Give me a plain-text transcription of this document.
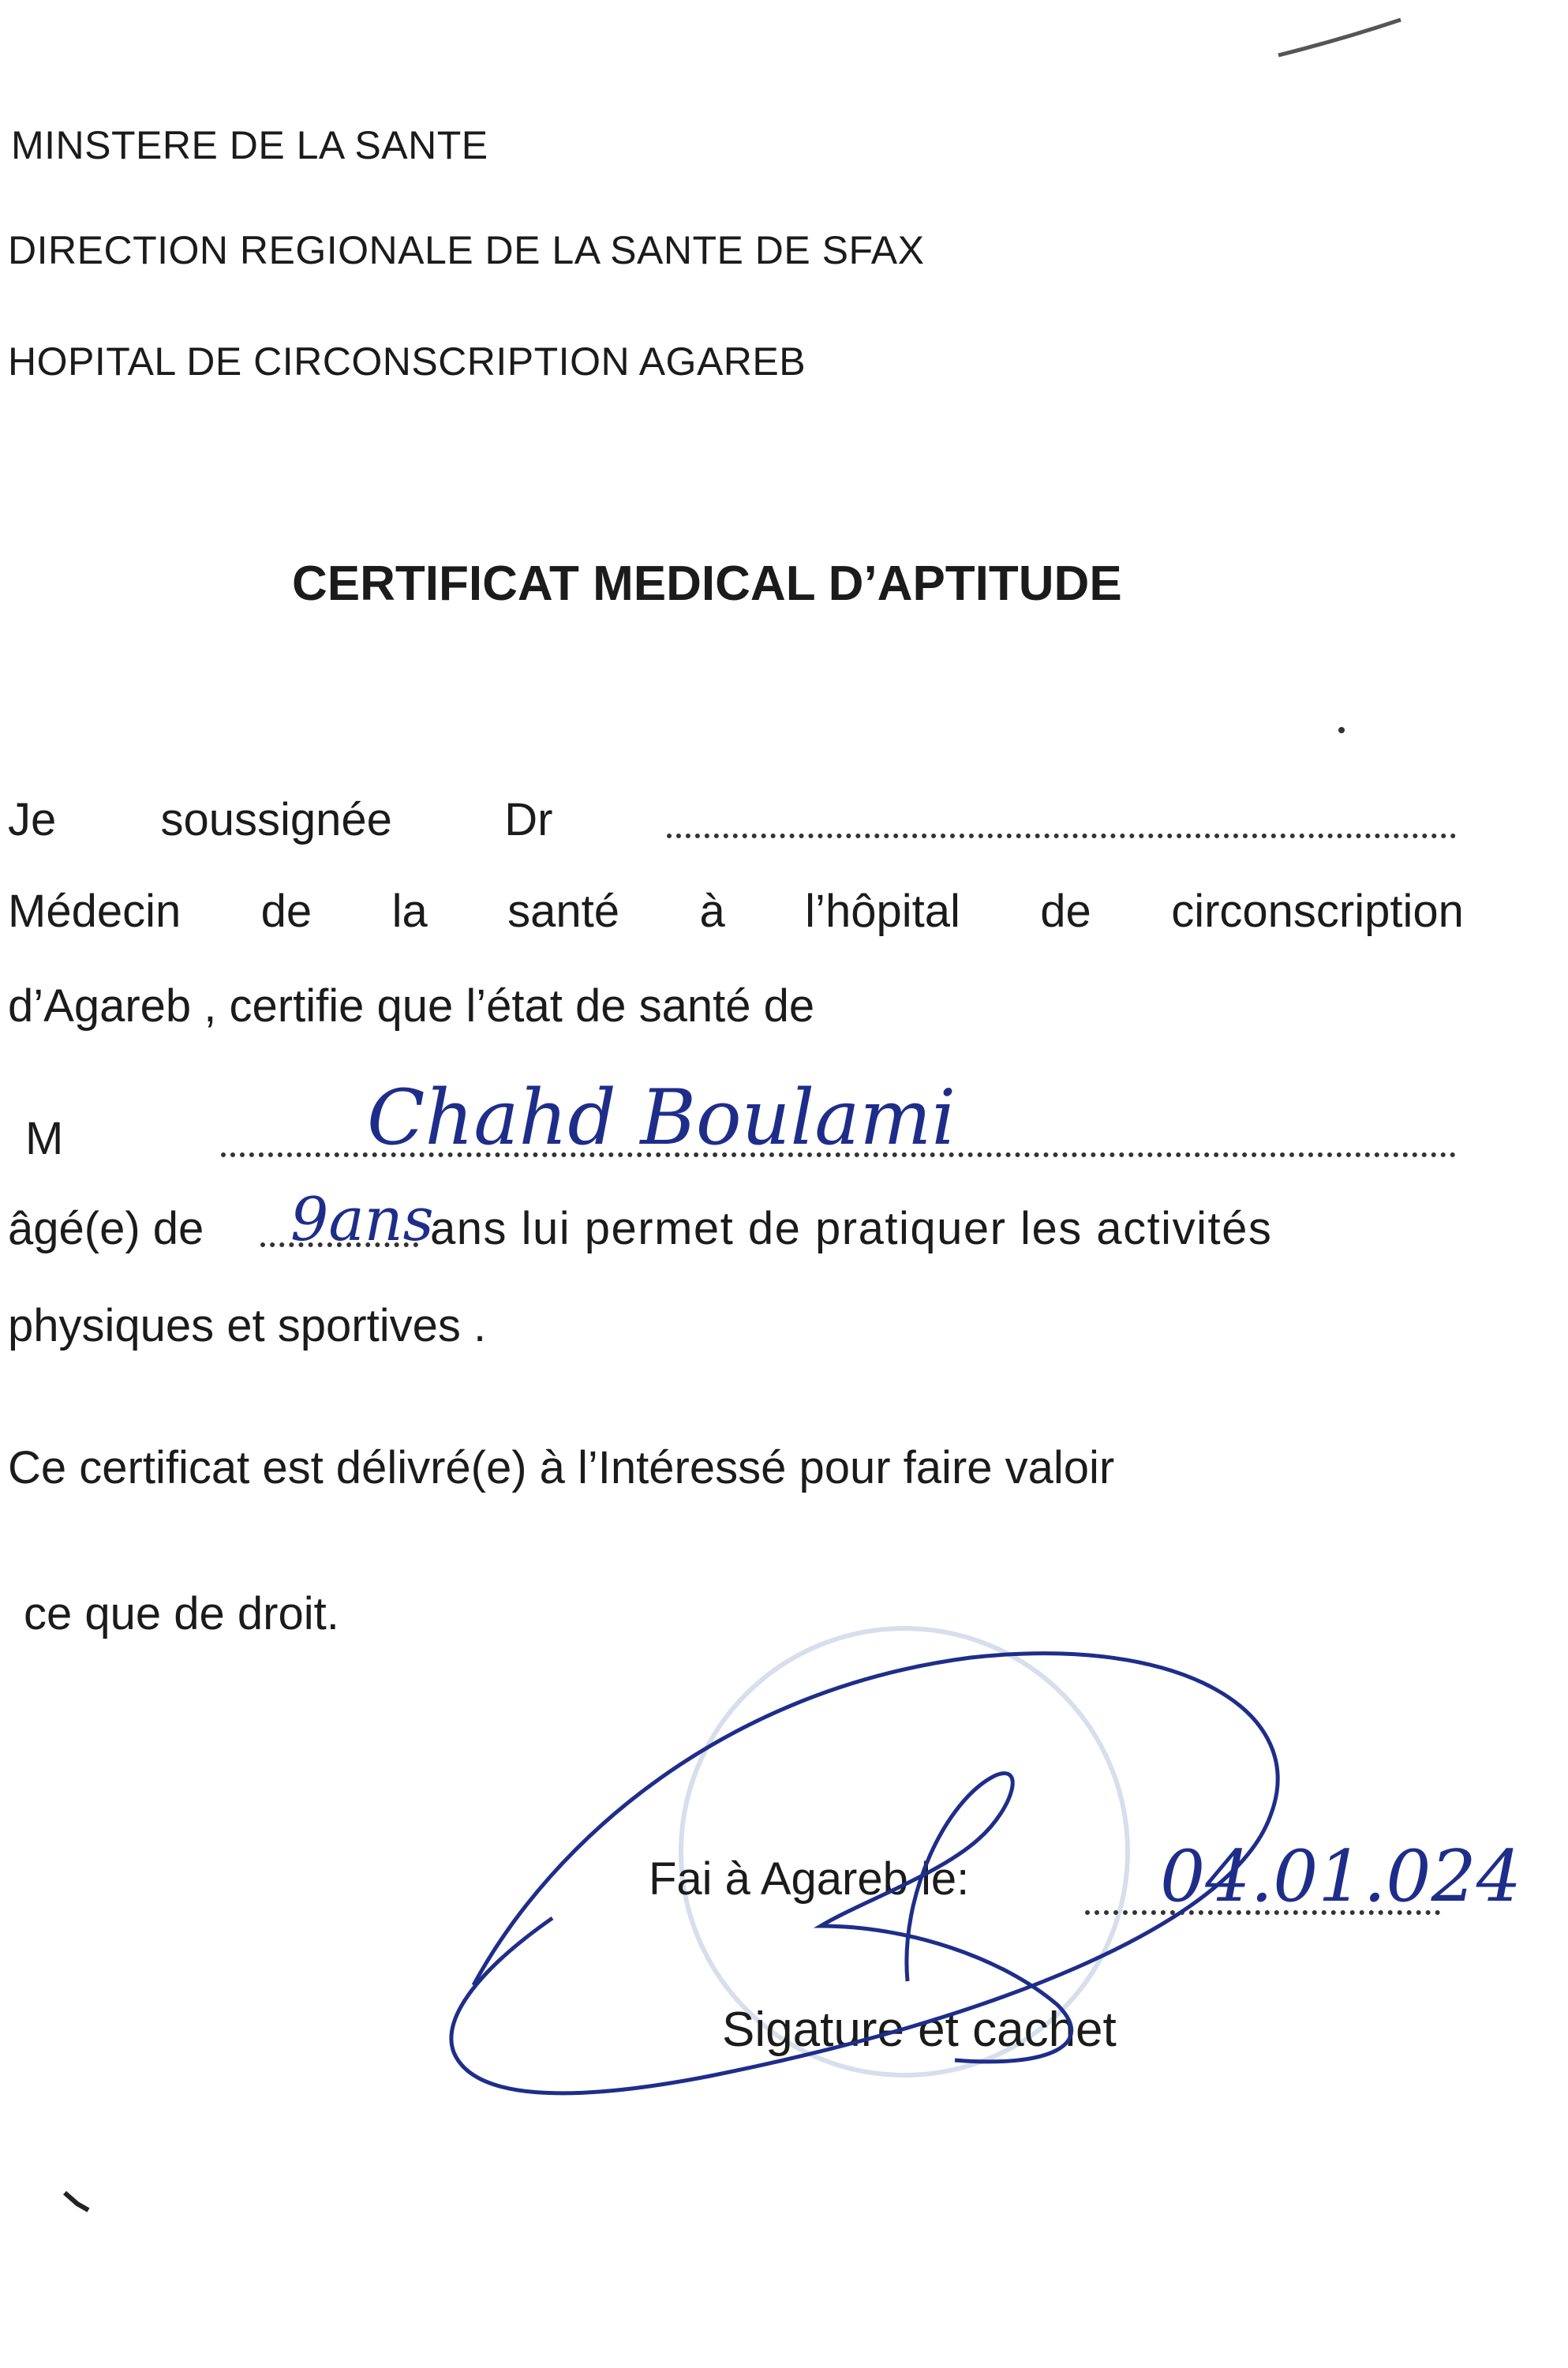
MINSTERE DE LA SANTE
DIRECTION REGIONALE DE LA SANTE DE SFAX
HOPITAL DE CIRCONSCRIPTION AGAREB
CERTIFICAT MEDICAL D’APTITUDE
Je soussignée Dr
Médecin de la santé à l’hôpital de circonscription
d’Agareb , certifie que l’état de santé de
M	Chahd Boulami
âgé(e) de 9ans
ans lui permet de pratiquer les activités
physiques et sportives .
Ce certificat est délivré(e) à l’Intéressé pour faire valoir
ce que de droit.
Fai à Agareb le:	04.01.024
Sigature et cachet
